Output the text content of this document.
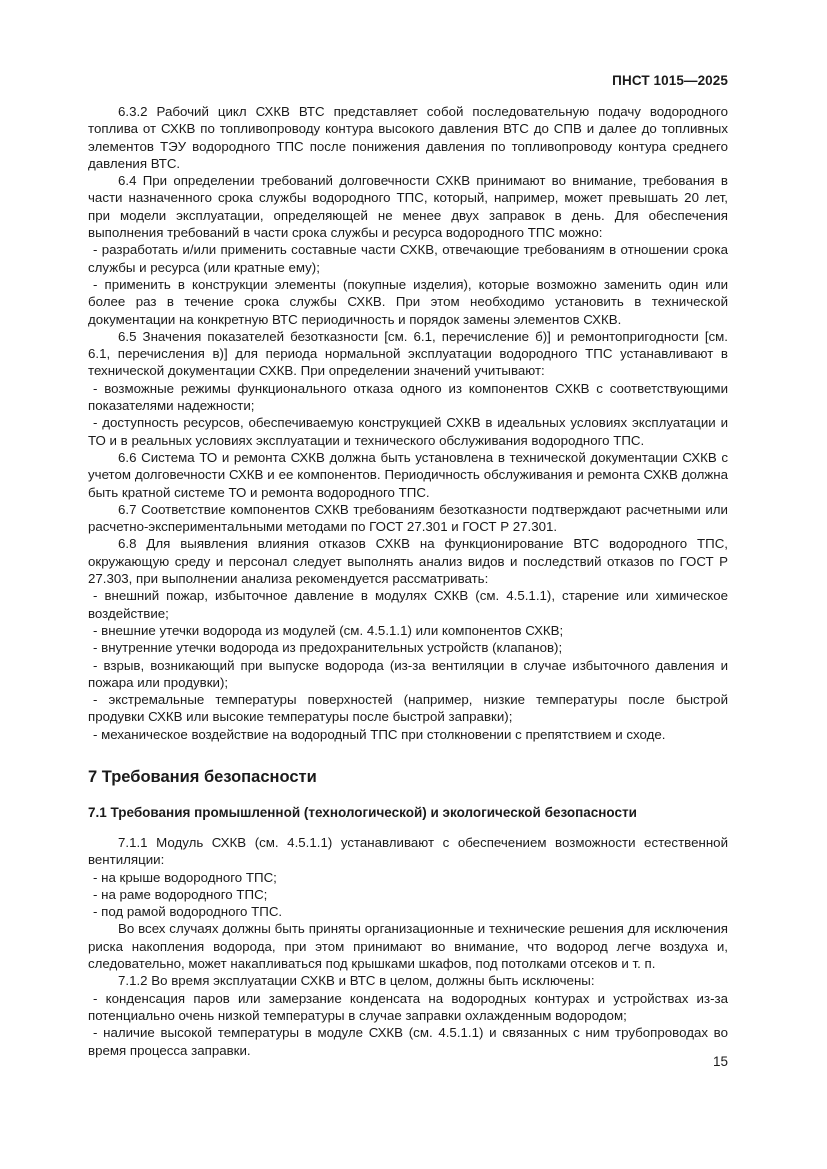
ПНСТ 1015—2025

6.3.2 Рабочий цикл СХКВ ВТС представляет собой последовательную подачу водородного топлива от СХКВ по топливопроводу контура высокого давления ВТС до СПВ и далее до топливных элементов ТЭУ водородного ТПС после понижения давления по топливопроводу контура среднего давления ВТС.

6.4 При определении требований долговечности СХКВ принимают во внимание, требования в части назначенного срока службы водородного ТПС, который, например, может превышать 20 лет, при модели эксплуатации, определяющей не менее двух заправок в день. Для обеспечения выполнения требований в части срока службы и ресурса водородного ТПС можно:

- разработать и/или применить составные части СХКВ, отвечающие требованиям в отношении срока службы и ресурса (или кратные ему);

- применить в конструкции элементы (покупные изделия), которые возможно заменить один или более раз в течение срока службы СХКВ. При этом необходимо установить в технической документации на конкретную ВТС периодичность и порядок замены элементов СХКВ.

6.5 Значения показателей безотказности [см. 6.1, перечисление б)] и ремонтопригодности [см. 6.1, перечисления в)] для периода нормальной эксплуатации водородного ТПС устанавливают в технической документации СХКВ. При определении значений учитывают:

- возможные режимы функционального отказа одного из компонентов СХКВ с соответствующими показателями надежности;

- доступность ресурсов, обеспечиваемую конструкцией СХКВ в идеальных условиях эксплуатации и ТО и в реальных условиях эксплуатации и технического обслуживания водородного ТПС.

6.6 Система ТО и ремонта СХКВ должна быть установлена в технической документации СХКВ с учетом долговечности СХКВ и ее компонентов. Периодичность обслуживания и ремонта СХКВ должна быть кратной системе ТО и ремонта водородного ТПС.

6.7 Соответствие компонентов СХКВ требованиям безотказности подтверждают расчетными или расчетно-экспериментальными методами по ГОСТ 27.301 и ГОСТ Р 27.301.

6.8 Для выявления влияния отказов СХКВ на функционирование ВТС водородного ТПС, окружающую среду и персонал следует выполнять анализ видов и последствий отказов по ГОСТ Р 27.303, при выполнении анализа рекомендуется рассматривать:

- внешний пожар, избыточное давление в модулях СХКВ (см. 4.5.1.1), старение или химическое воздействие;

- внешние утечки водорода из модулей (см. 4.5.1.1) или компонентов СХКВ;

- внутренние утечки водорода из предохранительных устройств (клапанов);

- взрыв, возникающий при выпуске водорода (из-за вентиляции в случае избыточного давления и пожара или продувки);

- экстремальные температуры поверхностей (например, низкие температуры после быстрой продувки СХКВ или высокие температуры после быстрой заправки);

- механическое воздействие на водородный ТПС при столкновении с препятствием и сходе.

7 Требования безопасности
7.1 Требования промышленной (технологической) и экологической безопасности

7.1.1 Модуль СХКВ (см. 4.5.1.1) устанавливают с обеспечением возможности естественной вентиляции:

- на крыше водородного ТПС;

- на раме водородного ТПС;

- под рамой водородного ТПС.

Во всех случаях должны быть приняты организационные и технические решения для исключения риска накопления водорода, при этом принимают во внимание, что водород легче воздуха и, следовательно, может накапливаться под крышками шкафов, под потолками отсеков и т. п.

7.1.2 Во время эксплуатации СХКВ и ВТС в целом, должны быть исключены:

- конденсация паров или замерзание конденсата на водородных контурах и устройствах из-за потенциально очень низкой температуры в случае заправки охлажденным водородом;

- наличие высокой температуры в модуле СХКВ (см. 4.5.1.1) и связанных с ним трубопроводах во время процесса заправки.

15
